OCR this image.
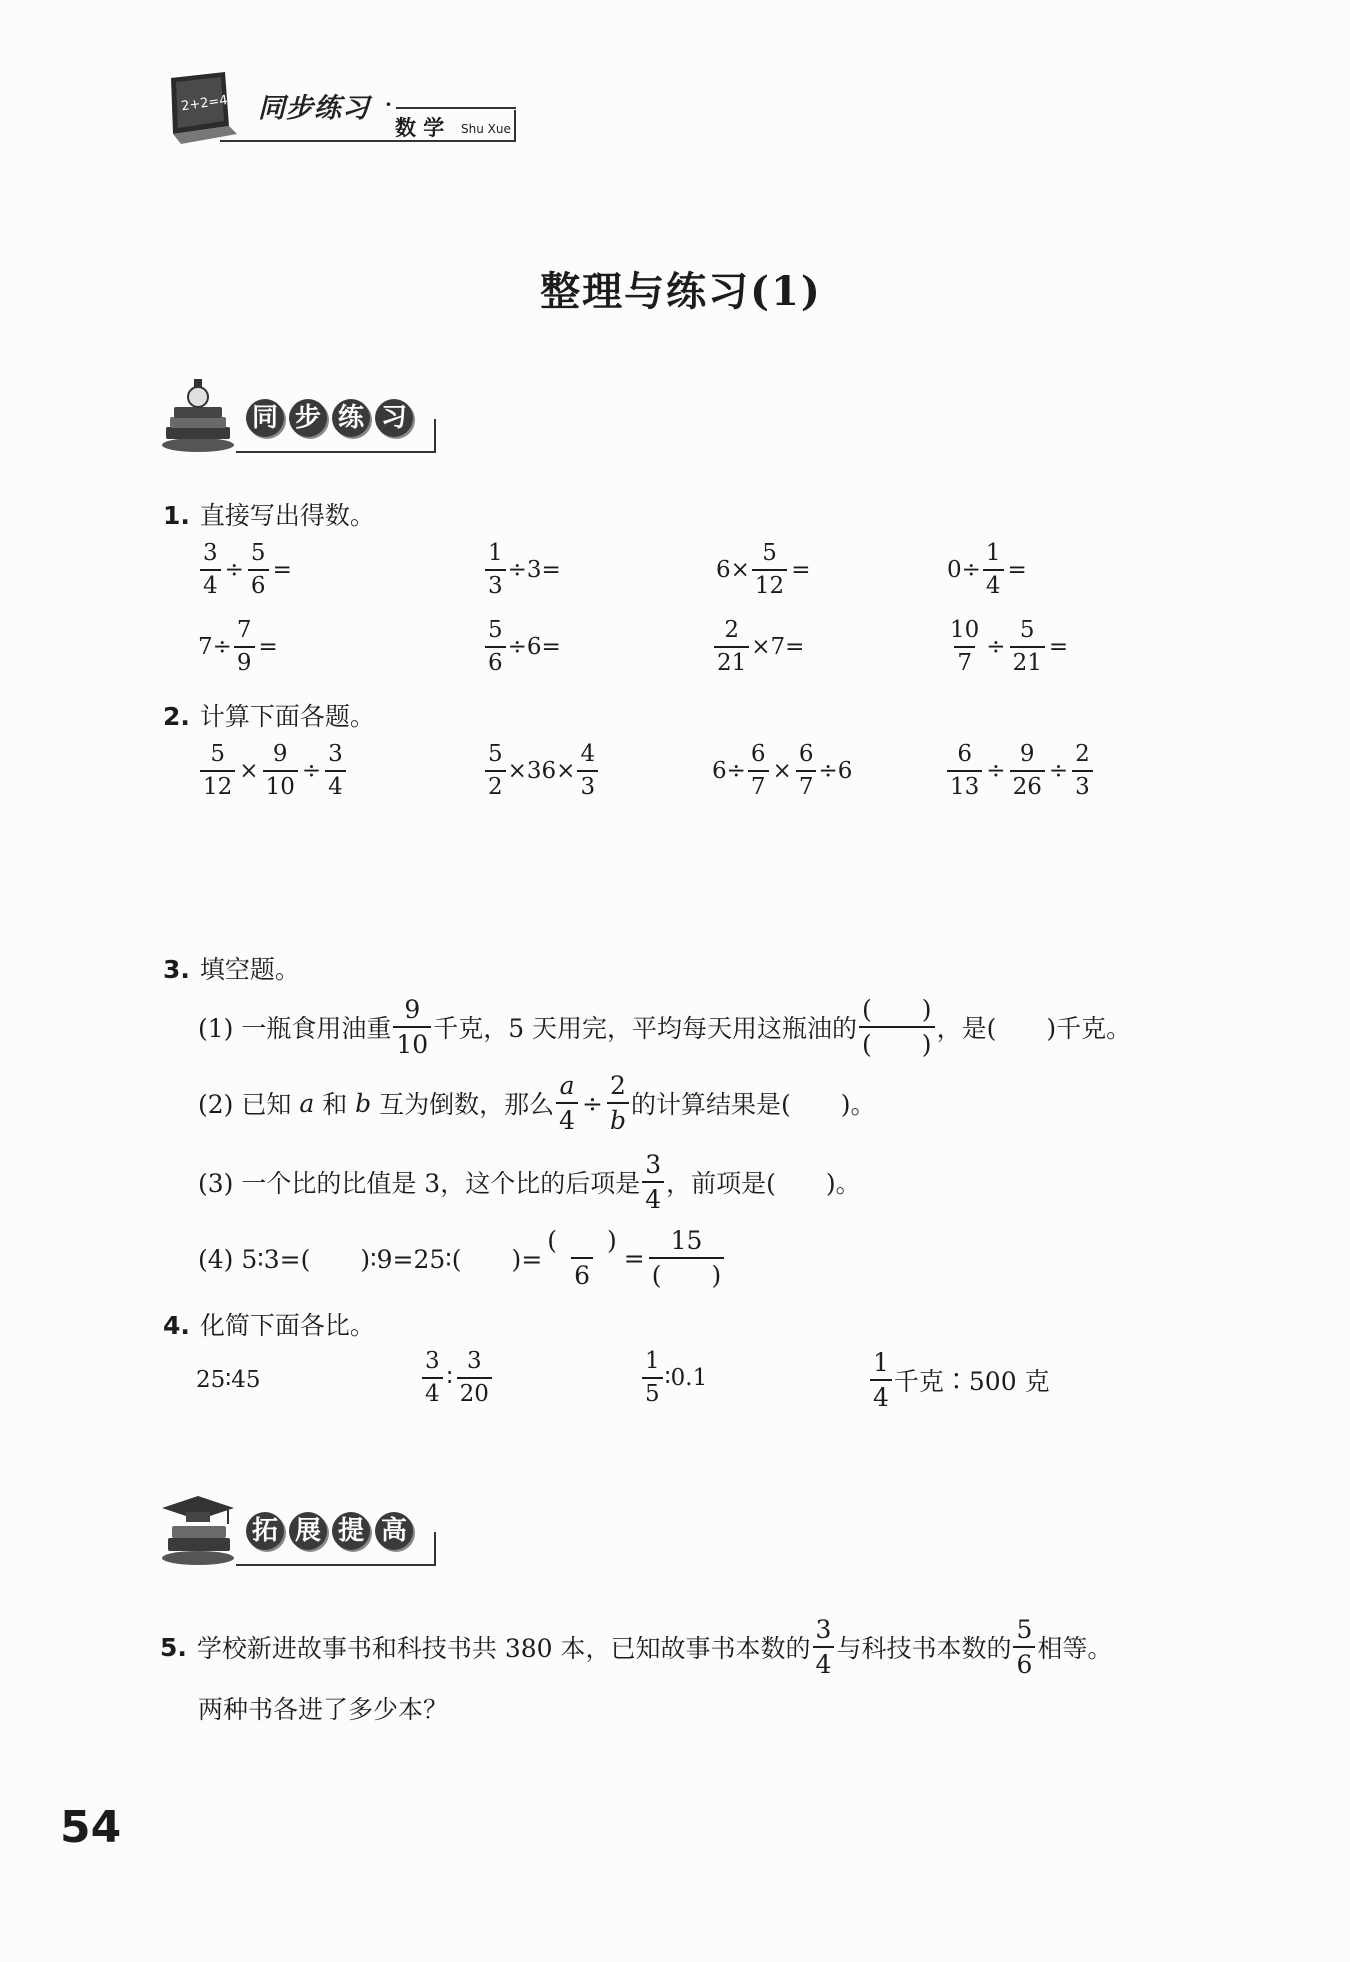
2+2=4 同步练习 ·
数 学 Shu Xue
整理与练习(1)
同 步 练 习
1. 直接写出得数。
$\frac{3}{4} \div \frac{5}{6}$ =	$\frac{1}{3} \div 3=$	$6\times \frac{5}{12}$ =	$0\div \frac{1}{4}$ =
$7\div \frac{7}{9}$ =	$\frac{5}{6} \div 6=$	$\frac{2}{21} \times 7=$	$\frac{10}{7} \div \frac{5}{21}$ =
2. 计算下面各题。
$\frac{5}{12} \times \frac{9}{10} \div \frac{3}{4}$	$\frac{5}{2} \times 36\times \frac{4}{3}$	$6\div \frac{6}{7} \times \frac{6}{7} \div 6$	$\frac{6}{13} \div \frac{9}{26} \div \frac{2}{3}$
3. 填空题。
(1) 一瓶食用油重 $\frac{9}{10}$ 千克，5 天用完，平均每天用这瓶油的 $\frac{( )}{( )}$ ，是(　　)千克。
(2) 已知
a
和
b
互为倒数，那么 $\frac{a}{4} \div \frac{2}{b}$ 的计算结果是(　　)。
(3) 一个比的比值是 3，这个比的后项是 $\frac{3}{4}$ ，前项是(　　)。
(4) 5∶3=(　　)∶9=25∶(　　)= $\frac{( )}{6} = \frac{15}{( )}$
4. 化简下面各比。
25∶45	$\frac{3}{4}$ ∶ $\frac{3}{20}$	$\frac{1}{5}$ ∶0.1	$\frac{1}{4}$ 千克∶500 克
拓 展 提 高
5. 学校新进故事书和科技书共 380 本，已知故事书本数的 $\frac{3}{4}$ 与科技书本数的 $\frac{5}{6}$ 相等。
两种书各进了多少本？
54
